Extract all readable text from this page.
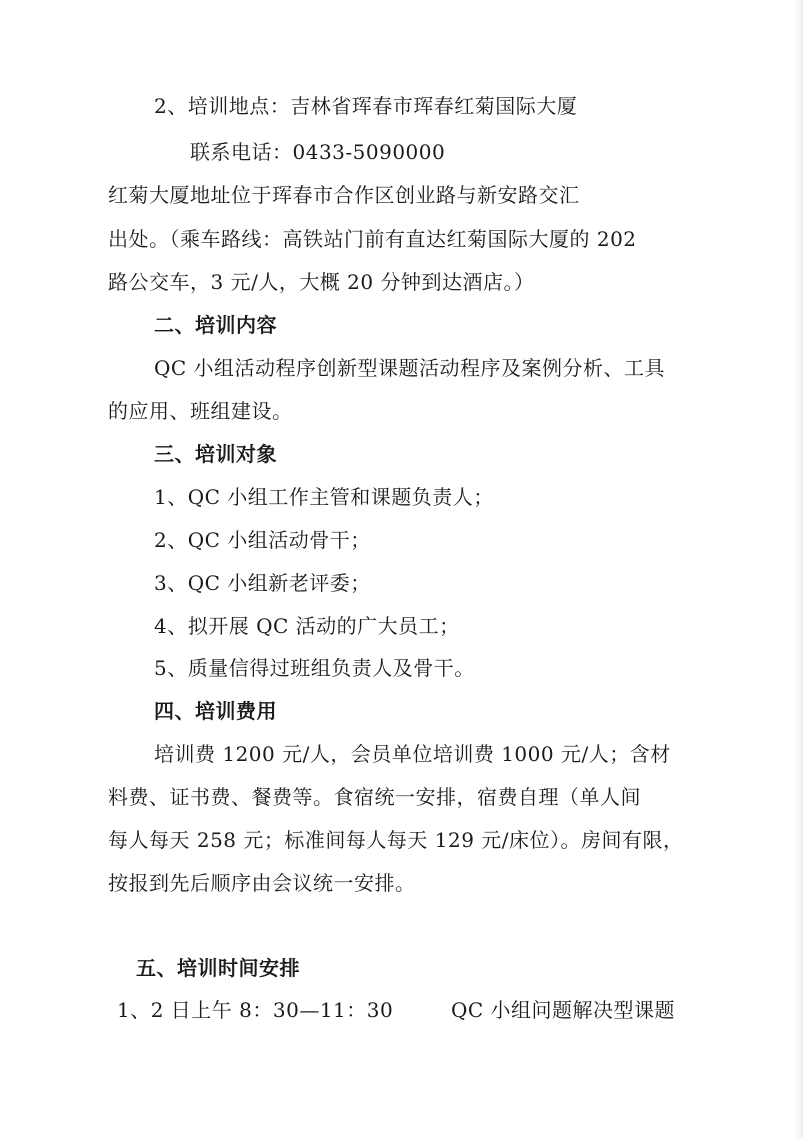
2、培训地点：吉林省珲春市珲春红菊国际大厦
联系电话：0433-5090000
红菊大厦地址位于珲春市合作区创业路与新安路交汇
出处。（乘车路线：高铁站门前有直达红菊国际大厦的 202
路公交车，3 元/人，大概 20 分钟到达酒店。）
二、培训内容
QC 小组活动程序创新型课题活动程序及案例分析、工具
的应用、班组建设。
三、培训对象
1、QC 小组工作主管和课题负责人；
2、QC 小组活动骨干；
3、QC 小组新老评委；
4、拟开展 QC 活动的广大员工；
5、质量信得过班组负责人及骨干。
四、培训费用
培训费 1200 元/人，会员单位培训费 1000 元/人；含材
料费、证书费、餐费等。食宿统一安排，宿费自理（单人间
每人每天 258 元；标准间每人每天 129 元/床位）。房间有限，
按报到先后顺序由会议统一安排。
五、培训时间安排
1、2 日上午 8：30—11：30	QC 小组问题解决型课题
